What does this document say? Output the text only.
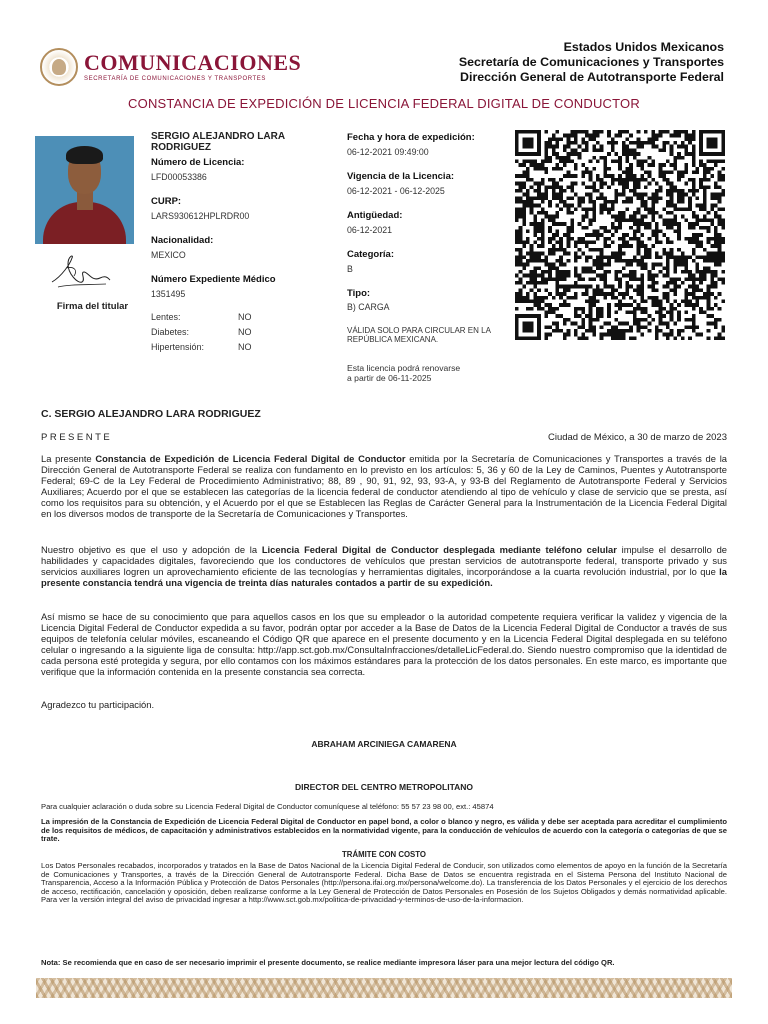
COMUNICACIONES
SECRETARÍA DE COMUNICACIONES Y TRANSPORTES
Estados Unidos Mexicanos
Secretaría de Comunicaciones y Transportes
Dirección General de Autotransporte Federal
CONSTANCIA DE EXPEDICIÓN DE LICENCIA FEDERAL DIGITAL DE CONDUCTOR
Firma del titular
SERGIO ALEJANDRO LARA RODRIGUEZ
Número de Licencia:
LFD00053386
CURP:
LARS930612HPLRDR00
Nacionalidad:
MEXICO
Número Expediente Médico
1351495
Lentes:	NO
Diabetes:	NO
Hipertensión:	NO
Fecha y hora de expedición:
06-12-2021 09:49:00
Vigencia de la Licencia:
06-12-2021 - 06-12-2025
Antigüedad:
06-12-2021
Categoría:
B
Tipo:
B) CARGA
VÁLIDA SOLO PARA CIRCULAR EN LA REPÚBLICA MEXICANA.
Esta licencia podrá renovarse
a partir de 06-11-2025
C. SERGIO ALEJANDRO LARA RODRIGUEZ
PRESENTE	Ciudad de México, a 30 de marzo de 2023
La presente Constancia de Expedición de Licencia Federal Digital de Conductor emitida por la Secretaría de Comunicaciones y Transportes a través de la Dirección General de Autotransporte Federal se realiza con fundamento en lo previsto en los artículos: 5, 36 y 60 de la Ley de Caminos, Puentes y Autotransporte Federal; 69-C de la Ley Federal de Procedimiento Administrativo; 88, 89 , 90, 91, 92, 93, 93-A, y 93-B del Reglamento de Autotransporte Federal y Servicios Auxiliares; Acuerdo por el que se establecen las categorías de la licencia federal de conductor atendiendo al tipo de vehículo y clase de servicio que se presta, así como los requisitos para su obtención, y el Acuerdo por el que se Establecen las Reglas de Carácter General para la Instrumentación de la Licencia Federal Digital en los diversos modos de transporte de la Secretaría de Comunicaciones y Transportes.
Nuestro objetivo es que el uso y adopción de la Licencia Federal Digital de Conductor desplegada mediante teléfono celular impulse el desarrollo de habilidades y capacidades digitales, favoreciendo que los conductores de vehículos que prestan servicios de autotransporte federal, transporte privado y sus servicios auxiliares logren un aprovechamiento eficiente de las tecnologías y herramientas digitales, incorporándose a la cuarta revolución industrial, por lo que la presente constancia tendrá una vigencia de treinta días naturales contados a partir de su expedición.
Así mismo se hace de su conocimiento que para aquellos casos en los que su empleador o la autoridad competente requiera verificar la validez y vigencia de la Licencia Digital Federal de Conductor expedida a su favor, podrán optar por acceder a la Base de Datos de la Licencia Federal Digital de Conductor a través de sus equipos de telefonía celular móviles, escaneando el Código QR que aparece en el presente documento y en la Licencia Federal Digital desplegada en su teléfono celular o ingresando a la siguiente liga de consulta: http://app.sct.gob.mx/ConsultaInfracciones/detalleLicFederal.do. Siendo nuestro compromiso que la identidad de cada persona esté protegida y segura, por ello contamos con los máximos estándares para la protección de los datos personales. En este marco, es importante que verifique que la información contenida en la presente constancia sea correcta.
Agradezco tu participación.
ABRAHAM ARCINIEGA CAMARENA
DIRECTOR DEL CENTRO METROPOLITANO
Para cualquier aclaración o duda sobre su Licencia Federal Digital de Conductor comuníquese al teléfono: 55 57 23 98 00, ext.: 45874
La impresión de la Constancia de Expedición de Licencia Federal Digital de Conductor en papel bond, a color o blanco y negro, es válida y debe ser aceptada para acreditar el cumplimiento de los requisitos de médicos, de capacitación y administrativos establecidos en la normatividad vigente, para la conducción de vehículos de acuerdo con la categoría o categorías de que se trate.
TRÁMITE CON COSTO
Los Datos Personales recabados, incorporados y tratados en la Base de Datos Nacional de la Licencia Digital Federal de Conducir, son utilizados como elementos de apoyo en la función de la Secretaría de Comunicaciones y Transportes, a través de la Dirección General de Autotransporte Federal. Dicha Base de Datos se encuentra registrada en el Sistema Persona del Instituto Nacional de Transparencia, Acceso a la Información Pública y Protección de Datos Personales (http://persona.ifai.org.mx/persona/welcome.do). La transferencia de los Datos Personales y el ejercicio de los derechos de acceso, rectificación, cancelación y oposición, deben realizarse conforme a la Ley General de Protección de Datos Personales en Posesión de los Sujetos Obligados y demás normatividad aplicable. Para ver la versión integral del aviso de privacidad ingresar a http://www.sct.gob.mx/politica-de-privacidad-y-terminos-de-uso-de-la-informacion.
Nota: Se recomienda que en caso de ser necesario imprimir el presente documento, se realice mediante impresora láser para una mejor lectura del código QR.
